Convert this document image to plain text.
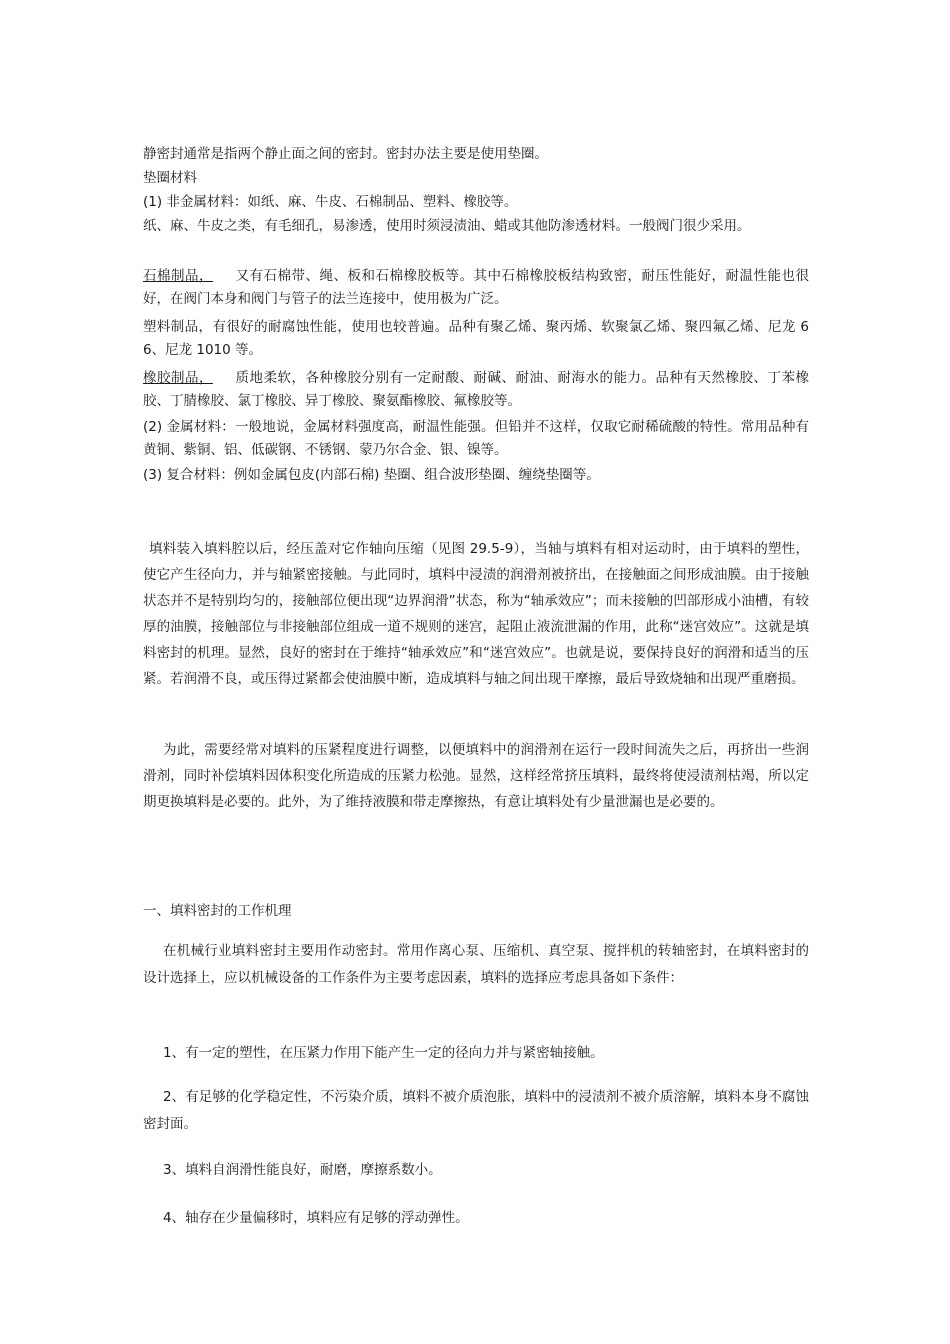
静密封通常是指两个静止面之间的密封。密封办法主要是使用垫圈。

垫圈材料

(1) 非金属材料：如纸、麻、牛皮、石棉制品、塑料、橡胶等。

纸、麻、牛皮之类，有毛细孔，易渗透，使用时须浸渍油、蜡或其他防渗透材料。一般阀门很少采用。

石棉制品， 又有石棉带、绳、板和石棉橡胶板等。其中石棉橡胶板结构致密，耐压性能好，耐温性能也很好，在阀门本身和阀门与管子的法兰连接中，使用极为广泛。

塑料制品，有很好的耐腐蚀性能，使用也较普遍。品种有聚乙烯、聚丙烯、软聚氯乙烯、聚四氟乙烯、尼龙 66、尼龙 1010 等。

橡胶制品， 质地柔软，各种橡胶分别有一定耐酸、耐碱、耐油、耐海水的能力。品种有天然橡胶、丁苯橡胶、丁腈橡胶、氯丁橡胶、异丁橡胶、聚氨酯橡胶、氟橡胶等。

(2) 金属材料：一般地说，金属材料强度高，耐温性能强。但铅并不这样，仅取它耐稀硫酸的特性。常用品种有黄铜、紫铜、铝、低碳钢、不锈钢、蒙乃尔合金、银、镍等。

(3) 复合材料：例如金属包皮(内部石棉) 垫圈、组合波形垫圈、缠绕垫圈等。

填料装入填料腔以后，经压盖对它作轴向压缩（见图 29.5-9），当轴与填料有相对运动时，由于填料的塑性，使它产生径向力，并与轴紧密接触。与此同时，填料中浸渍的润滑剂被挤出，在接触面之间形成油膜。由于接触状态并不是特别均匀的，接触部位便出现“边界润滑”状态，称为“轴承效应”；而未接触的凹部形成小油槽，有较厚的油膜，接触部位与非接触部位组成一道不规则的迷宫，起阻止液流泄漏的作用，此称“迷宫效应”。这就是填料密封的机理。显然，良好的密封在于维持“轴承效应”和“迷宫效应”。也就是说，要保持良好的润滑和适当的压紧。若润滑不良，或压得过紧都会使油膜中断，造成填料与轴之间出现干摩擦，最后导致烧轴和出现严重磨损。

为此，需要经常对填料的压紧程度进行调整，以便填料中的润滑剂在运行一段时间流失之后，再挤出一些润滑剂，同时补偿填料因体积变化所造成的压紧力松弛。显然，这样经常挤压填料，最终将使浸渍剂枯竭，所以定期更换填料是必要的。此外，为了维持液膜和带走摩擦热，有意让填料处有少量泄漏也是必要的。

一、填料密封的工作机理

在机械行业填料密封主要用作动密封。常用作离心泵、压缩机、真空泵、搅拌机的转轴密封，在填料密封的设计选择上，应以机械设备的工作条件为主要考虑因素，填料的选择应考虑具备如下条件：

1、有一定的塑性，在压紧力作用下能产生一定的径向力并与紧密轴接触。

2、有足够的化学稳定性，不污染介质，填料不被介质泡胀，填料中的浸渍剂不被介质溶解，填料本身不腐蚀密封面。

3、填料自润滑性能良好，耐磨，摩擦系数小。

4、轴存在少量偏移时，填料应有足够的浮动弹性。
